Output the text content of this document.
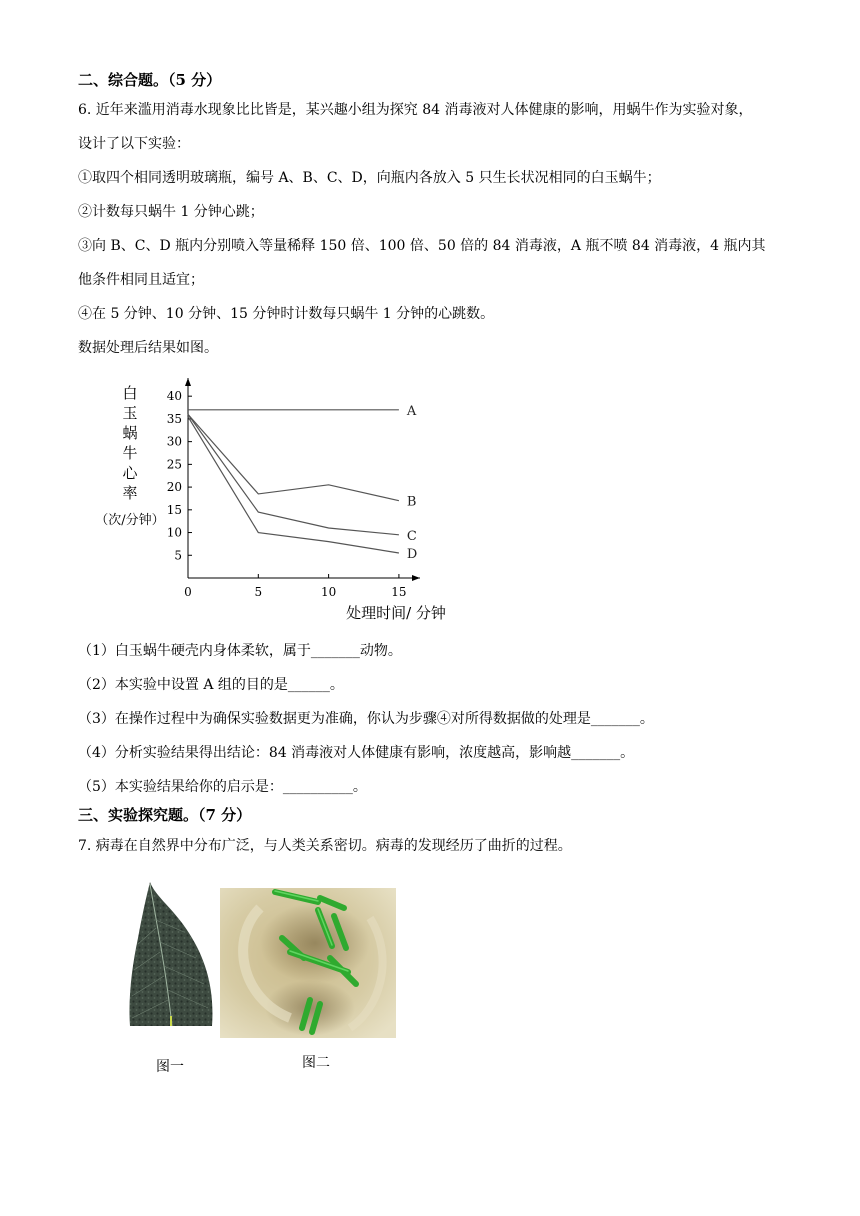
二、综合题。（5 分）
6. 近年来滥用消毒水现象比比皆是，某兴趣小组为探究 84 消毒液对人体健康的影响，用蜗牛作为实验对象，
设计了以下实验：
①取四个相同透明玻璃瓶，编号 A、B、C、D，向瓶内各放入 5 只生长状况相同的白玉蜗牛；
②计数每只蜗牛 1 分钟心跳；
③向 B、C、D 瓶内分别喷入等量稀释 150 倍、100 倍、50 倍的 84 消毒液，A 瓶不喷 84 消毒液，4 瓶内其
他条件相同且适宜；
④在 5 分钟、10 分钟、15 分钟时计数每只蜗牛 1 分钟的心跳数。
数据处理后结果如图。
5
10
15
20
25
30
35
40
0	5	10	15
白
玉
蜗
牛
心
率
（次/分钟）
处理时间/ 分钟
A
B
C
D
（1）白玉蜗牛硬壳内身体柔软，属于_______动物。
（2）本实验中设置 A 组的目的是______。
（3）在操作过程中为确保实验数据更为准确，你认为步骤④对所得数据做的处理是_______。
（4）分析实验结果得出结论：84 消毒液对人体健康有影响，浓度越高，影响越_______。
（5）本实验结果给你的启示是：__________。
三、实验探究题。（7 分）
7. 病毒在自然界中分布广泛，与人类关系密切。病毒的发现经历了曲折的过程。
图一	图二
